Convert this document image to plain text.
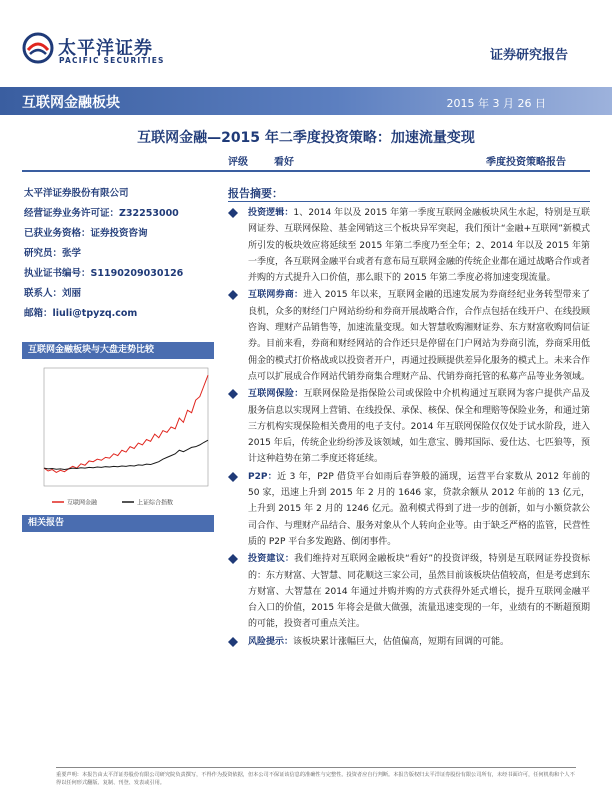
太平洋证券
PACIFIC SECURITIES	证券研究报告
互联网金融板块	2015 年 3 月 26 日
互联网金融—2015 年二季度投资策略：加速流量变现
评级	看好	季度投资策略报告
太平洋证券股份有限公司
经营证券业务许可证：Z32253000
已获业务资格：证券投资咨询
研究员：张学
执业证书编号：S1190209030126
联系人：刘丽
邮箱：liuli@tpyzq.com
互联网金融板块与大盘走势比较
互联网金融	上证综合指数
相关报告
报告摘要：
投资逻辑：1、2014 年以及 2015 年第一季度互联网金融板块风生水起，特别是互联网证券、互联网保险、基金网销这三个板块异军突起，我们预计“金融+互联网”新模式所引发的板块效应将延续至 2015 年第二季度乃至全年；2、2014 年以及 2015 年第一季度，各互联网金融平台或者有意布局互联网金融的传统企业都在通过战略合作或者并购的方式提升入口价值，那么眼下的 2015 年第二季度必将加速变现流量。
互联网券商：进入 2015 年以来，互联网金融的迅速发展为券商经纪业务转型带来了良机，众多的财经门户网站纷纷和券商开展战略合作，合作点包括在线开户、在线投顾咨询、理财产品销售等，加速流量变现。如大智慧收购湘财证券、东方财富收购同信证券。目前来看，券商和财经网站的合作还只是停留在门户网站为券商引流，券商采用低佣金的模式打价格战或以投资者开户，再通过投顾提供差异化服务的模式上。未来合作点可以扩展成合作网站代销券商集合理财产品、代销券商托管的私募产品等业务领域。
互联网保险：互联网保险是指保险公司或保险中介机构通过互联网为客户提供产品及服务信息以实现网上营销、在线投保、承保、核保、保全和理赔等保险业务，和通过第三方机构实现保险相关费用的电子支付。2014 年互联网保险仅仅处于试水阶段，进入 2015 年后，传统企业纷纷涉及该领域，如生意宝、腾邦国际、爱仕达、七匹狼等，预计这种趋势在第二季度还将延续。
P2P：近 3 年，P2P 借贷平台如雨后春笋般的涌现，运营平台家数从 2012 年前的 50 家，迅速上升到 2015 年 2 月的 1646 家，贷款余额从 2012 年前的 13 亿元，上升到 2015 年 2 月的 1246 亿元。盈利模式得到了进一步的创新，如与小额贷款公司合作、与理财产品结合、服务对象从个人转向企业等。由于缺乏严格的监管，民营性质的 P2P 平台多发跑路、倒闭事件。
投资建议：我们维持对互联网金融板块“看好”的投资评级，特别是互联网证券投资标的：东方财富、大智慧、同花顺这三家公司，虽然目前该板块估值较高，但是考虑到东方财富、大智慧在 2014 年通过并购并购的方式获得外延式增长，提升互联网金融平台入口的价值，2015 年将会是做大做强，流量迅速变现的一年，业绩有的不断超预期的可能，投资者可重点关注。
风险提示：该板块累计涨幅巨大，估值偏高，短期有回调的可能。
重要声明：本报告由太平洋证券股份有限公司研究院负责撰写，不得作为投资依据，但本公司不保证该信息的准确性与完整性。投资者应自行判断。本报告版权归太平洋证券股份有限公司所有，未经书面许可，任何机构和个人不得以任何形式翻版、复制、刊登、发表或引用。
